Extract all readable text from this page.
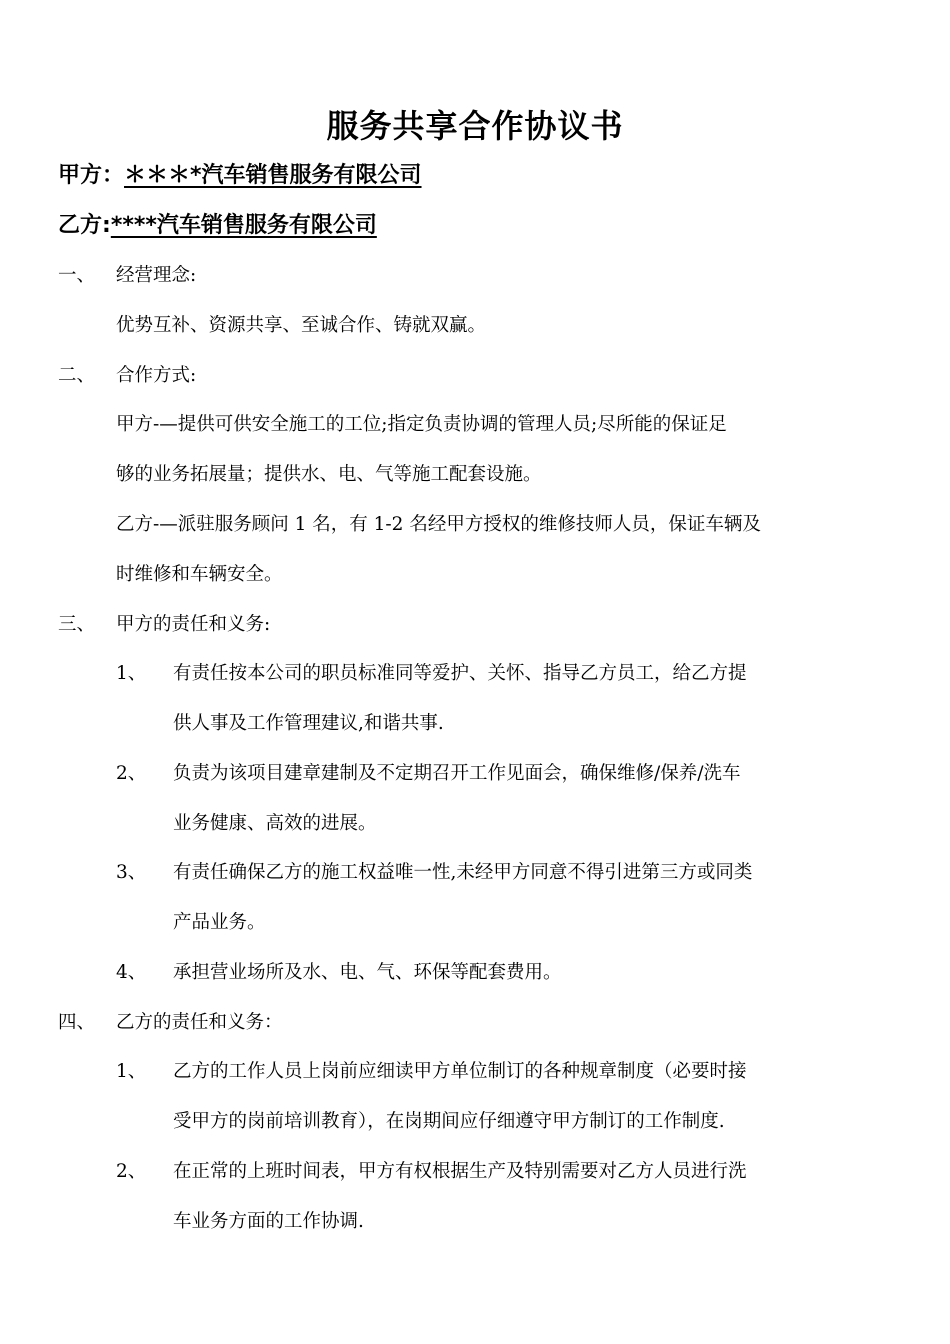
服务共享合作协议书
甲方：＊＊＊*汽车销售服务有限公司
乙方:****汽车销售服务有限公司
一、 经营理念:
优势互补、资源共享、至诚合作、铸就双赢。
二、 合作方式:
甲方-—提供可供安全施工的工位;指定负责协调的管理人员;尽所能的保证足
够的业务拓展量；提供水、电、气等施工配套设施。
乙方-—派驻服务顾问 1 名，有 1-2 名经甲方授权的维修技师人员，保证车辆及
时维修和车辆安全。
三、 甲方的责任和义务:
1、 有责任按本公司的职员标准同等爱护、关怀、指导乙方员工，给乙方提
供人事及工作管理建议,和谐共事.
2、 负责为该项目建章建制及不定期召开工作见面会，确保维修/保养/洗车
业务健康、高效的进展。
3、 有责任确保乙方的施工权益唯一性,未经甲方同意不得引进第三方或同类
产品业务。
4、 承担营业场所及水、电、气、环保等配套费用。
四、 乙方的责任和义务：
1、 乙方的工作人员上岗前应细读甲方单位制订的各种规章制度（必要时接
受甲方的岗前培训教育），在岗期间应仔细遵守甲方制订的工作制度.
2、 在正常的上班时间表，甲方有权根据生产及特别需要对乙方人员进行洗
车业务方面的工作协调.
